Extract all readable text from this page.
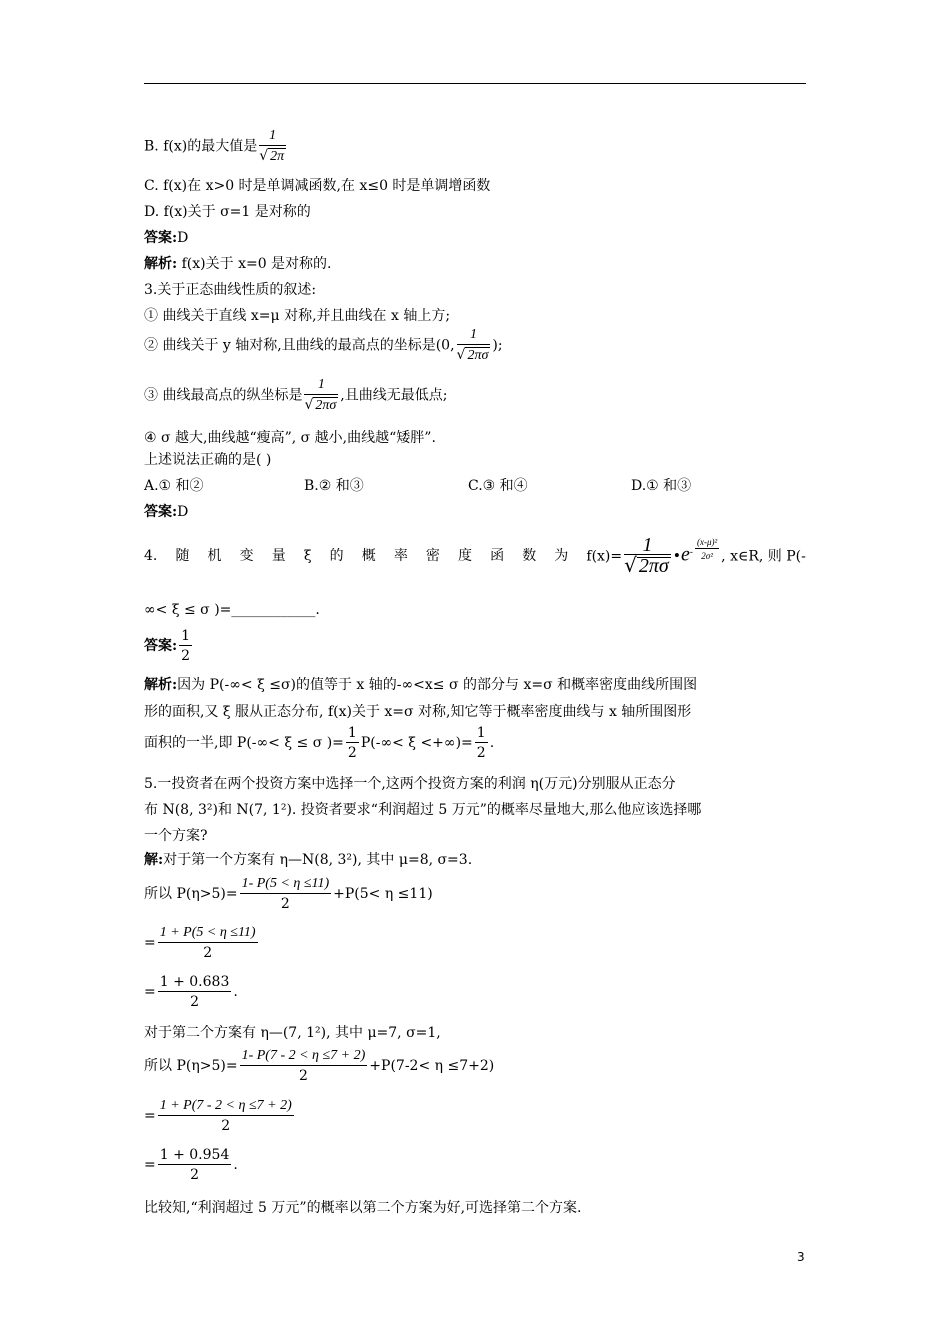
B. f(x)的最大值是 $\frac{1}{√ 2\pi}$
C. f(x)在 x>0 时是单调减函数,在 x≤0 时是单调增函数
D. f(x)关于 σ=1 是对称的
答案:D
解析: f(x)关于 x=0 是对称的.
3.关于正态曲线性质的叙述:
① 曲线关于直线 x=μ 对称,并且曲线在 x 轴上方;
② 曲线关于 y 轴对称,且曲线的最高点的坐标是(0, $\frac{1}{√ 2\pi\sigma}$ );
③ 曲线最高点的纵坐标是 $\frac{1}{√ 2\pi\sigma}$ ,且曲线无最低点;
④ σ 越大,曲线越“瘦高”, σ 越小,曲线越“矮胖”.
上述说法正确的是( )
A.① 和②	B.② 和③	C.③ 和④	D.① 和③
答案:D
4. 随 机 变 量 ξ 的 概 率 密 度 函 数 为 $f(x)= \frac{1}{√ 2\pi\sigma}$ •e- $\frac{\text{(x-μ)²}}{\text{2σ²}}$ , x∈R, 则 P(-
∞< ξ ≤ σ )=____________.
答案: $\frac{1}{2}$
解析:因为 P(-∞< ξ ≤σ)的值等于 x 轴的-∞<x≤ σ 的部分与 x=σ 和概率密度曲线所围图
形的面积,又 ξ 服从正态分布, f(x)关于 x=σ 对称,知它等于概率密度曲线与 x 轴所围图形
面积的一半,即 P(-∞< ξ ≤ σ )= $\frac{1}{2} P(-\infty< \xi$ <+∞)= $\frac{1}{2}$ .
5.一投资者在两个投资方案中选择一个,这两个投资方案的利润 η(万元)分别服从正态分
布 N(8, 3²)和 N(7, 1²). 投资者要求“利润超过 5 万元”的概率尽量地大,那么他应该选择哪
一个方案?
解:对于第一个方案有 η—N(8, 3²), 其中 μ=8, σ=3.
所以 $P(\eta>5)= \frac{1- P(5 < \eta \le 11)}{2} +P(5< \eta \le 11)$
= $\frac{1 + P(5 < \eta \le 11)}{2}$
= $\frac{1 + 0.683}{2}$ .
对于第二个方案有 η—(7, 1²), 其中 μ=7, σ=1,
所以 $P(\eta>5)= \frac{1- P(7 - 2 < \eta \le 7 + 2)}{2} +P(7-2< \eta \le 7+2)$
= $\frac{1 + P(7 - 2 < \eta \le 7 + 2)}{2}$
= $\frac{1 + 0.954}{2}$ .
比较知,“利润超过 5 万元”的概率以第二个方案为好,可选择第二个方案.
3
